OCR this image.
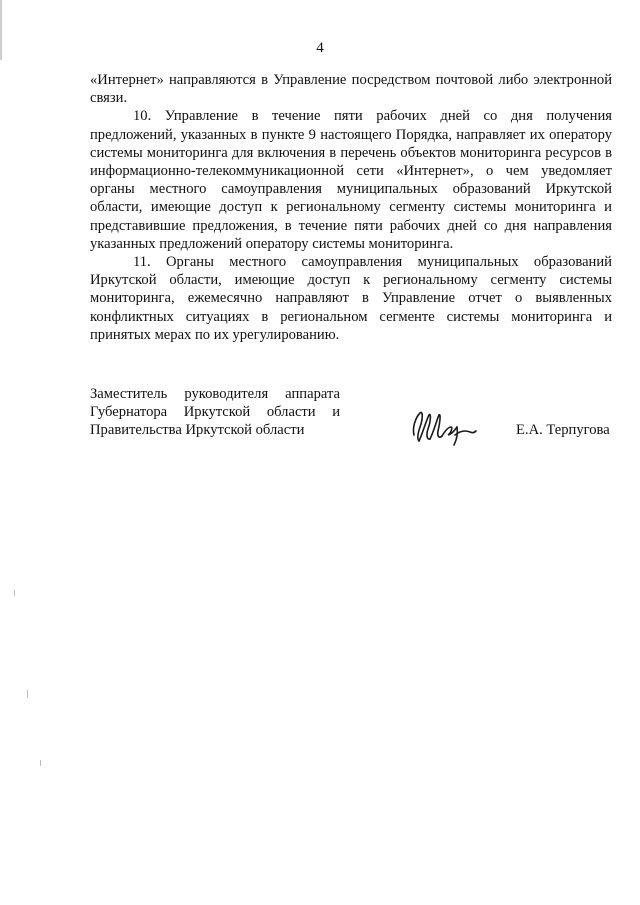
4

«Интернет» направляются в Управление посредством почтовой либо электронной связи.

10. Управление в течение пяти рабочих дней со дня получения предложений, указанных в пункте 9 настоящего Порядка, направляет их оператору системы мониторинга для включения в перечень объектов мониторинга ресурсов в информационно-телекоммуникационной сети «Интернет», о чем уведомляет органы местного самоуправления муниципальных образований Иркутской области, имеющие доступ к региональному сегменту системы мониторинга и представившие предложения, в течение пяти рабочих дней со дня направления указанных предложений оператору системы мониторинга.

11. Органы местного самоуправления муниципальных образований Иркутской области, имеющие доступ к региональному сегменту системы мониторинга, ежемесячно направляют в Управление отчет о выявленных конфликтных ситуациях в региональном сегменте системы мониторинга и принятых мерах по их урегулированию.

Заместитель руководителя аппарата
Губернатора Иркутской области и
Правительства Иркутской области	Е.А. Терпугова
